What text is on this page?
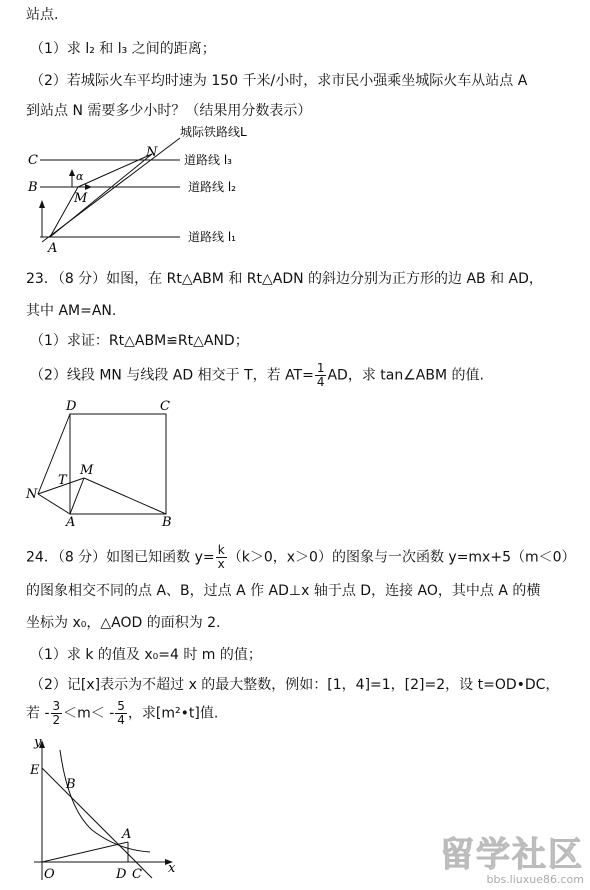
站点.
（1）求 l₂ 和 l₃ 之间的距离；
（2）若城际火车平均时速为 150 千米/小时，求市民小强乘坐城际火车从站点 A
到站点 N 需要多少小时？（结果用分数表示）
C
B
A
N
M
α
城际铁路线L
道路线 l₃
道路线 l₂
道路线 l₁
23．（8 分）如图，在 Rt△ABM 和 Rt△ADN 的斜边分别为正方形的边 AB 和 AD，
其中 AM=AN.
（1）求证：Rt△ABM≌Rt△AND；
（2）线段 MN 与线段 AD 相交于 T，若 $AT= \frac{1}{4}$ AD，求 tan∠ABM 的值.
D	C
T
M
N
A	B
24．（8 分）如图已知函数 $y= \frac{k}{x} (k>0$，x＞0）的图象与一次函数 y=mx+5（m＜0）
的图象相交不同的点 A、B，过点 A 作 AD⊥x 轴于点 D，连接 AO，其中点 A 的横
坐标为 x₀，△AOD 的面积为 2.
（1）求 k 的值及 x₀=4 时 m 的值；
（2）记[x]表示为不超过 x 的最大整数，例如：[1，4]=1，[2]=2，设 t=OD•DC，
若 - $\frac{3}{2} <m< - \frac{5}{4}$ ，求[m²•t]值.
y
x
E
B
A
O	D C	留学社区
bbs.liuxue86.com
